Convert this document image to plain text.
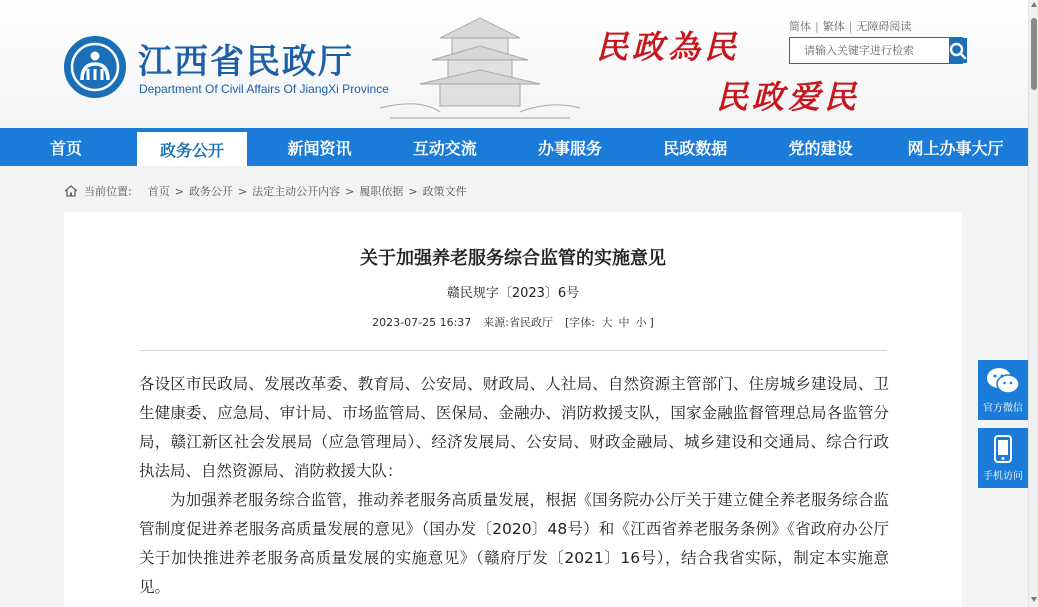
江西省民政厅
Department Of Civil Affairs Of JiangXi Province
民政為民
民政爱民
简体 | 繁体 | 无障碍阅读
请输入关键字进行检索
首页	政务公开	新闻资讯	互动交流	办事服务	民政数据	党的建设	网上办事大厅
当前位置: 首页 > 政务公开 > 法定主动公开内容 > 履职依据 > 政策文件
关于加强养老服务综合监管的实施意见
赣民规字〔2023〕6号
2023-07-25 16:37 来源:省民政厅 [字体: 大 中 小 ]

各设区市民政局、发展改革委、教育局、公安局、财政局、人社局、自然资源主管部门、住房城乡建设局、卫生健康委、应急局、审计局、市场监管局、医保局、金融办、消防救援支队，国家金融监督管理总局各监管分局，赣江新区社会发展局（应急管理局）、经济发展局、公安局、财政金融局、城乡建设和交通局、综合行政执法局、自然资源局、消防救援大队：

为加强养老服务综合监管，推动养老服务高质量发展，根据《国务院办公厅关于建立健全养老服务综合监管制度促进养老服务高质量发展的意见》（国办发〔2020〕48号）和《江西省养老服务条例》《省政府办公厅关于加快推进养老服务高质量发展的实施意见》（赣府厅发〔2021〕16号），结合我省实际，制定本实施意见。

官方微信
手机访问
